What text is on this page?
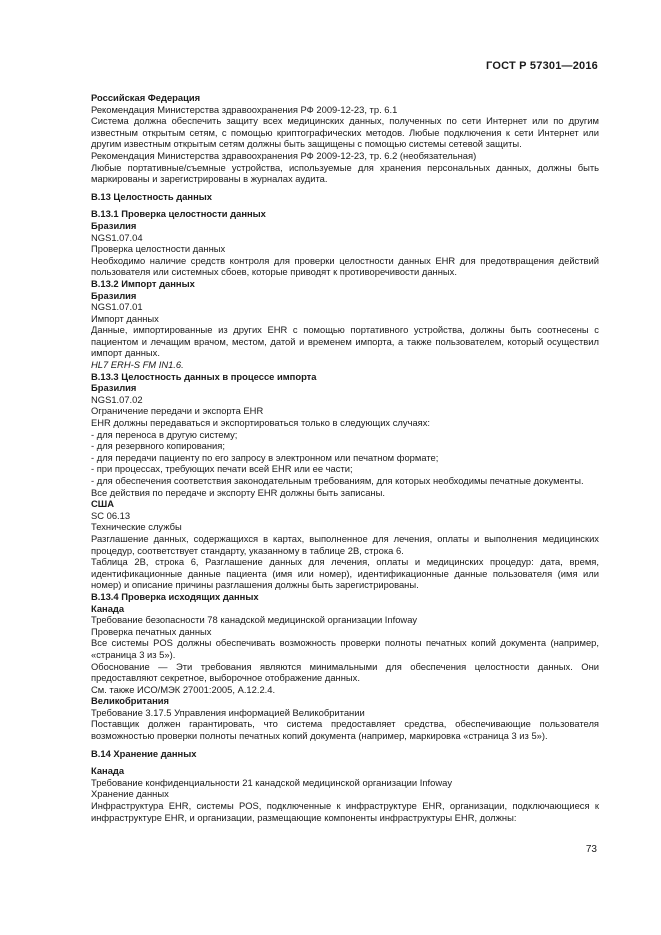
ГОСТ Р 57301—2016

Российская Федерация

Рекомендация Министерства здравоохранения РФ 2009-12-23, тр. 6.1

Система должна обеспечить защиту всех медицинских данных, полученных по сети Интернет или по другим известным открытым сетям, с помощью криптографических методов. Любые подключения к сети Интернет или другим известным открытым сетям должны быть защищены с помощью системы сетевой защиты.

Рекомендация Министерства здравоохранения РФ 2009-12-23, тр. 6.2 (необязательная)

Любые портативные/съемные устройства, используемые для хранения персональных данных, должны быть маркированы и зарегистрированы в журналах аудита.

В.13 Целостность данных

В.13.1 Проверка целостности данных

Бразилия

NGS1.07.04

Проверка целостности данных

Необходимо наличие средств контроля для проверки целостности данных EHR для предотвращения действий пользователя или системных сбоев, которые приводят к противоречивости данных.

В.13.2 Импорт данных

Бразилия

NGS1.07.01

Импорт данных

Данные, импортированные из других EHR с помощью портативного устройства, должны быть соотнесены с пациентом и лечащим врачом, местом, датой и временем импорта, а также пользователем, который осуществил импорт данных.

HL7 ERH-S FM IN1.6.

В.13.3 Целостность данных в процессе импорта

Бразилия

NGS1.07.02

Ограничение передачи и экспорта EHR

EHR должны передаваться и экспортироваться только в следующих случаях:

- для переноса в другую систему;

- для резервного копирования;

- для передачи пациенту по его запросу в электронном или печатном формате;

- при процессах, требующих печати всей EHR или ее части;

- для обеспечения соответствия законодательным требованиям, для которых необходимы печатные документы.

Все действия по передаче и экспорту EHR должны быть записаны.

США

SC 06.13

Технические службы

Разглашение данных, содержащихся в картах, выполненное для лечения, оплаты и выполнения медицинских процедур, соответствует стандарту, указанному в таблице 2В, строка 6.

Таблица 2В, строка 6, Разглашение данных для лечения, оплаты и медицинских процедур: дата, время, идентификационные данные пациента (имя или номер), идентификационные данные пользователя (имя или номер) и описание причины разглашения должны быть зарегистрированы.

В.13.4 Проверка исходящих данных

Канада

Требование безопасности 78 канадской медицинской организации Infoway

Проверка печатных данных

Все системы POS должны обеспечивать возможность проверки полноты печатных копий документа (например, «страница 3 из 5»).

Обоснование — Эти требования являются минимальными для обеспечения целостности данных. Они предоставляют секретное, выборочное отображение данных.

См. также ИСО/МЭК 27001:2005, А.12.2.4.

Великобритания

Требование 3.17.5 Управления информацией Великобритании

Поставщик должен гарантировать, что система предоставляет средства, обеспечивающие пользователя возможностью проверки полноты печатных копий документа (например, маркировка «страница 3 из 5»).

В.14 Хранение данных

Канада

Требование конфиденциальности 21 канадской медицинской организации Infoway

Хранение данных

Инфраструктура EHR, системы POS, подключенные к инфраструктуре EHR, организации, подключающиеся к инфраструктуре EHR, и организации, размещающие компоненты инфраструктуры EHR, должны:

73
